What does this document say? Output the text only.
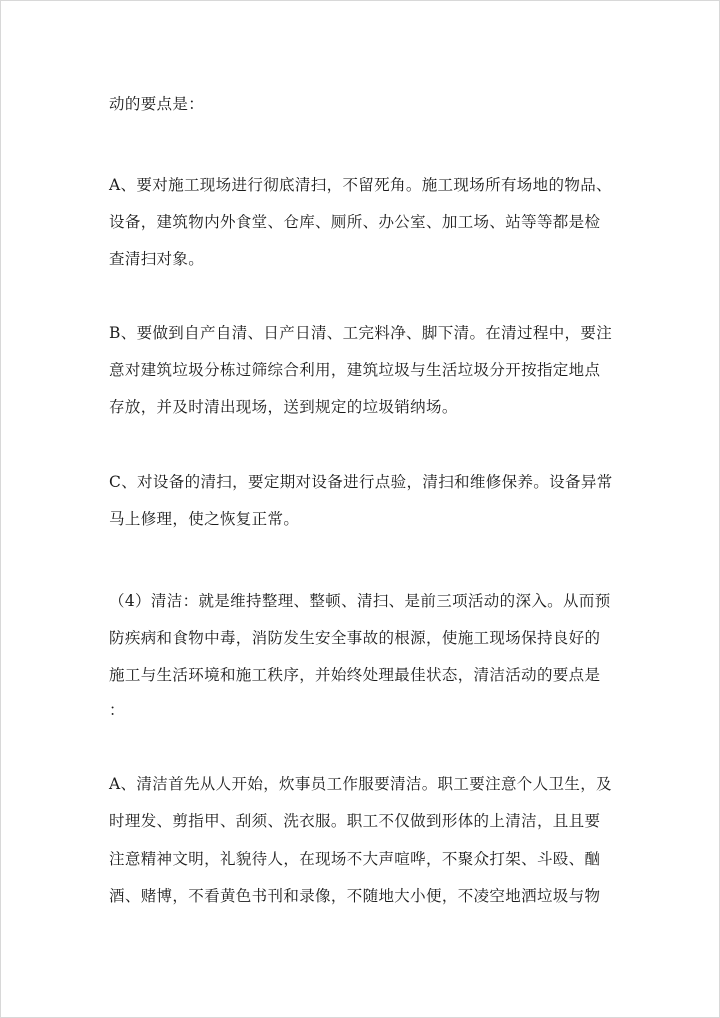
动的要点是：
A、要对施工现场进行彻底清扫，不留死角。施工现场所有场地的物品、
设备，建筑物内外食堂、仓库、厕所、办公室、加工场、站等等都是检
查清扫对象。
B、要做到自产自清、日产日清、工完料净、脚下清。在清过程中，要注
意对建筑垃圾分栋过筛综合利用，建筑垃圾与生活垃圾分开按指定地点
存放，并及时清出现场，送到规定的垃圾销纳场。
C、对设备的清扫，要定期对设备进行点验，清扫和维修保养。设备异常
马上修理，使之恢复正常。
（4）清洁：就是维持整理、整顿、清扫、是前三项活动的深入。从而预
防疾病和食物中毒，消防发生安全事故的根源，使施工现场保持良好的
施工与生活环境和施工秩序，并始终处理最佳状态，清洁活动的要点是
：
A、清洁首先从人开始，炊事员工作服要清洁。职工要注意个人卫生，及
时理发、剪指甲、刮须、洗衣服。职工不仅做到形体的上清洁，且且要
注意精神文明，礼貌待人，在现场不大声喧哗，不聚众打架、斗殴、酗
酒、赌博，不看黄色书刊和录像，不随地大小便，不凌空地洒垃圾与物
